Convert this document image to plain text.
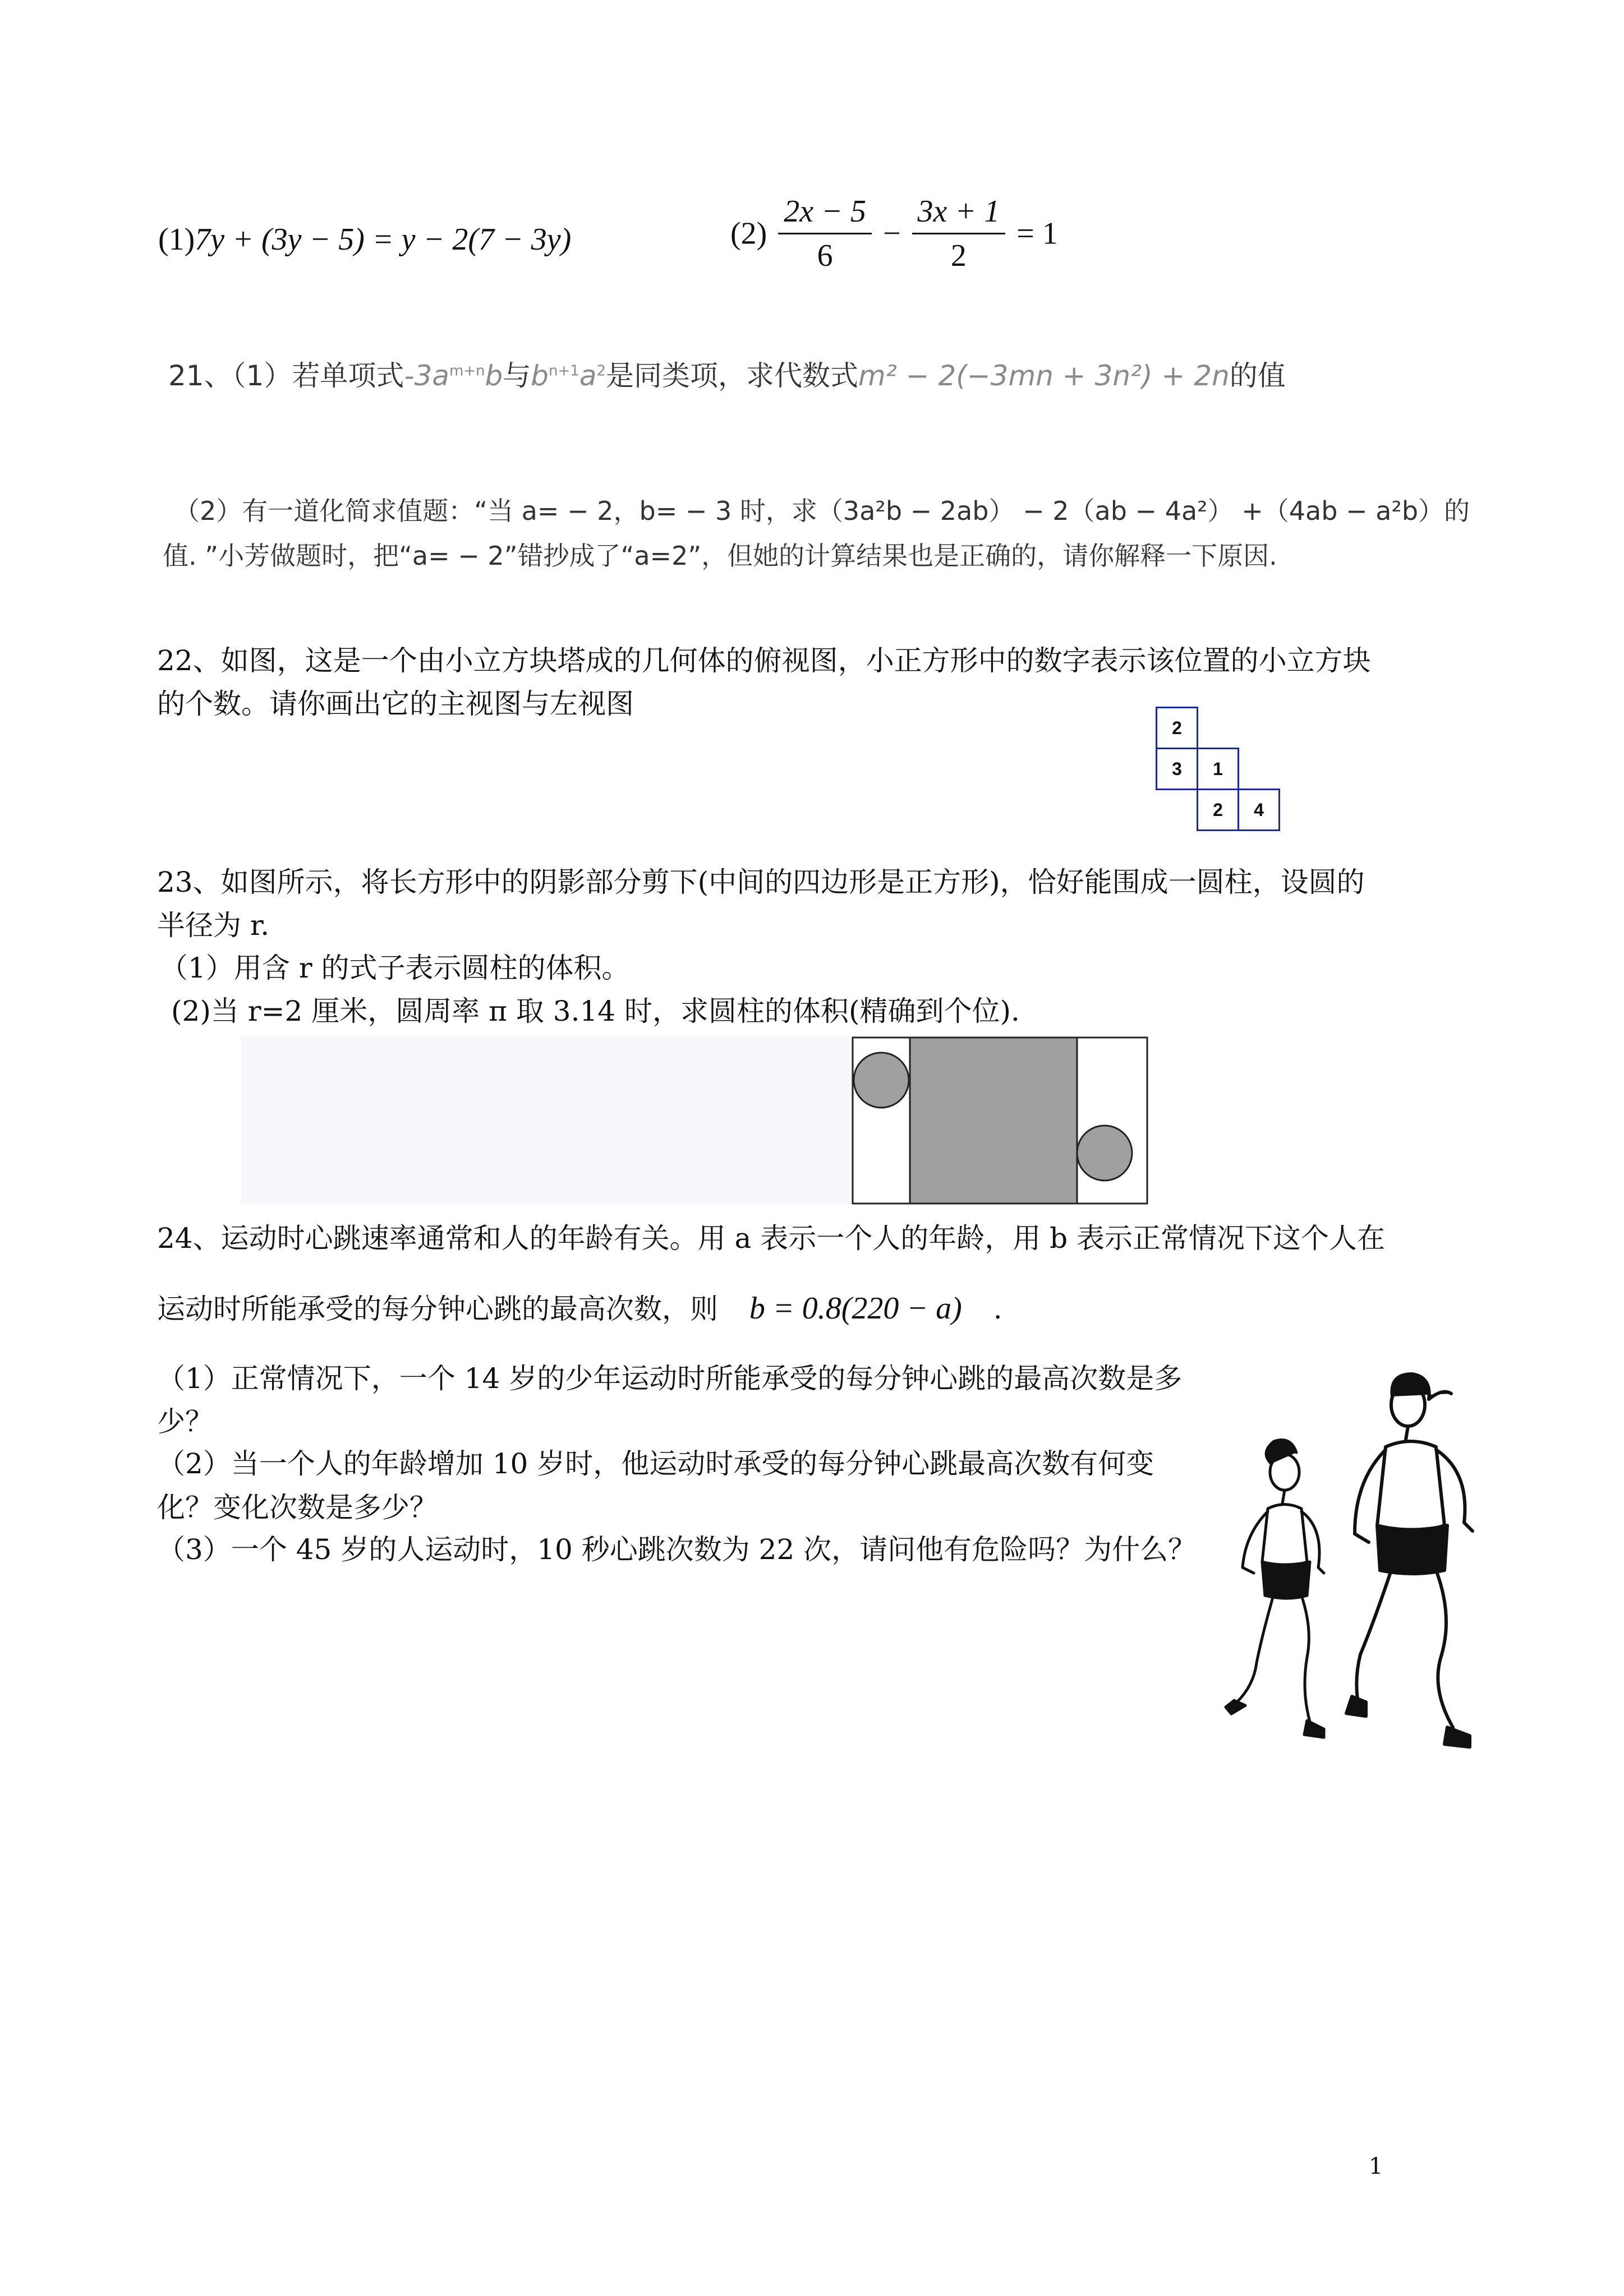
(1)7y + (3y − 5) = y − 2(7 − 3y)	$(2) \frac{2x - 5}{6} - \frac{3x + 1}{2} = 1$
21、（1）若单项式$-3a^{m+n}b$与$b^{n+1}a^2$是同类项，求代数式m² − 2(−3mn + 3n²) + 2n的值
（2）有一道化简求值题：“当 a= − 2，b= − 3 时，求（3a²b − 2ab） − 2（ab − 4a²） +（4ab − a²b）的
值. ”小芳做题时，把“a= − 2”错抄成了“a=2”，但她的计算结果也是正确的，请你解释一下原因.
22、如图，这是一个由小立方块塔成的几何体的俯视图，小正方形中的数字表示该位置的小立方块
的个数。请你画出它的主视图与左视图
2
3	1
2	4
23、如图所示，将长方形中的阴影部分剪下(中间的四边形是正方形)，恰好能围成一圆柱，设圆的
半径为 r.
（1）用含 r 的式子表示圆柱的体积。
(2)当 r=2 厘米，圆周率 π 取 3.14 时，求圆柱的体积(精确到个位).
24、运动时心跳速率通常和人的年龄有关。用 a 表示一个人的年龄，用 b 表示正常情况下这个人在
运动时所能承受的每分钟心跳的最高次数，则 b = 0.8(220 − a) .
（1）正常情况下，一个 14 岁的少年运动时所能承受的每分钟心跳的最高次数是多
少？
（2）当一个人的年龄增加 10 岁时，他运动时承受的每分钟心跳最高次数有何变
化？变化次数是多少？
（3）一个 45 岁的人运动时，10 秒心跳次数为 22 次，请问他有危险吗？为什么？
1
